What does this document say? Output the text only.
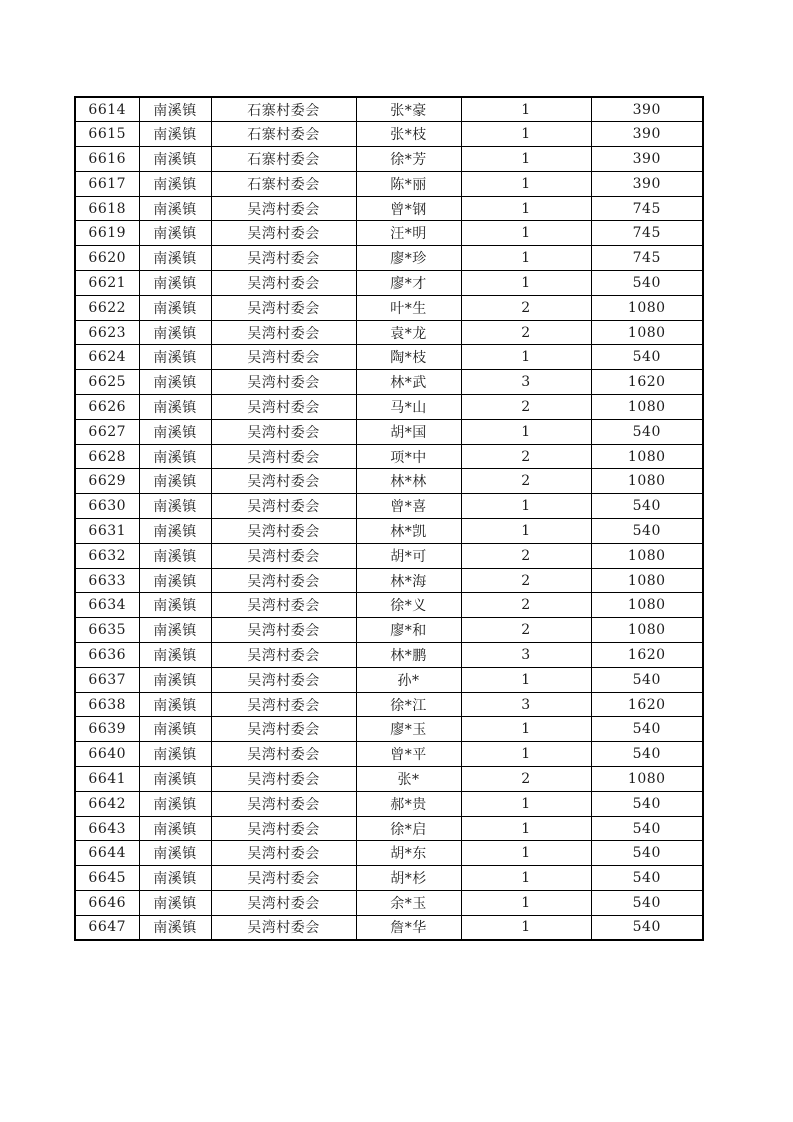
6614	南溪镇	石寨村委会	张*豪	1	390
6615	南溪镇	石寨村委会	张*枝	1	390
6616	南溪镇	石寨村委会	徐*芳	1	390
6617	南溪镇	石寨村委会	陈*丽	1	390
6618	南溪镇	吴湾村委会	曾*钢	1	745
6619	南溪镇	吴湾村委会	汪*明	1	745
6620	南溪镇	吴湾村委会	廖*珍	1	745
6621	南溪镇	吴湾村委会	廖*才	1	540
6622	南溪镇	吴湾村委会	叶*生	2	1080
6623	南溪镇	吴湾村委会	袁*龙	2	1080
6624	南溪镇	吴湾村委会	陶*枝	1	540
6625	南溪镇	吴湾村委会	林*武	3	1620
6626	南溪镇	吴湾村委会	马*山	2	1080
6627	南溪镇	吴湾村委会	胡*国	1	540
6628	南溪镇	吴湾村委会	项*中	2	1080
6629	南溪镇	吴湾村委会	林*林	2	1080
6630	南溪镇	吴湾村委会	曾*喜	1	540
6631	南溪镇	吴湾村委会	林*凯	1	540
6632	南溪镇	吴湾村委会	胡*可	2	1080
6633	南溪镇	吴湾村委会	林*海	2	1080
6634	南溪镇	吴湾村委会	徐*义	2	1080
6635	南溪镇	吴湾村委会	廖*和	2	1080
6636	南溪镇	吴湾村委会	林*鹏	3	1620
6637	南溪镇	吴湾村委会	孙*	1	540
6638	南溪镇	吴湾村委会	徐*江	3	1620
6639	南溪镇	吴湾村委会	廖*玉	1	540
6640	南溪镇	吴湾村委会	曾*平	1	540
6641	南溪镇	吴湾村委会	张*	2	1080
6642	南溪镇	吴湾村委会	郝*贵	1	540
6643	南溪镇	吴湾村委会	徐*启	1	540
6644	南溪镇	吴湾村委会	胡*东	1	540
6645	南溪镇	吴湾村委会	胡*杉	1	540
6646	南溪镇	吴湾村委会	余*玉	1	540
6647	南溪镇	吴湾村委会	詹*华	1	540
